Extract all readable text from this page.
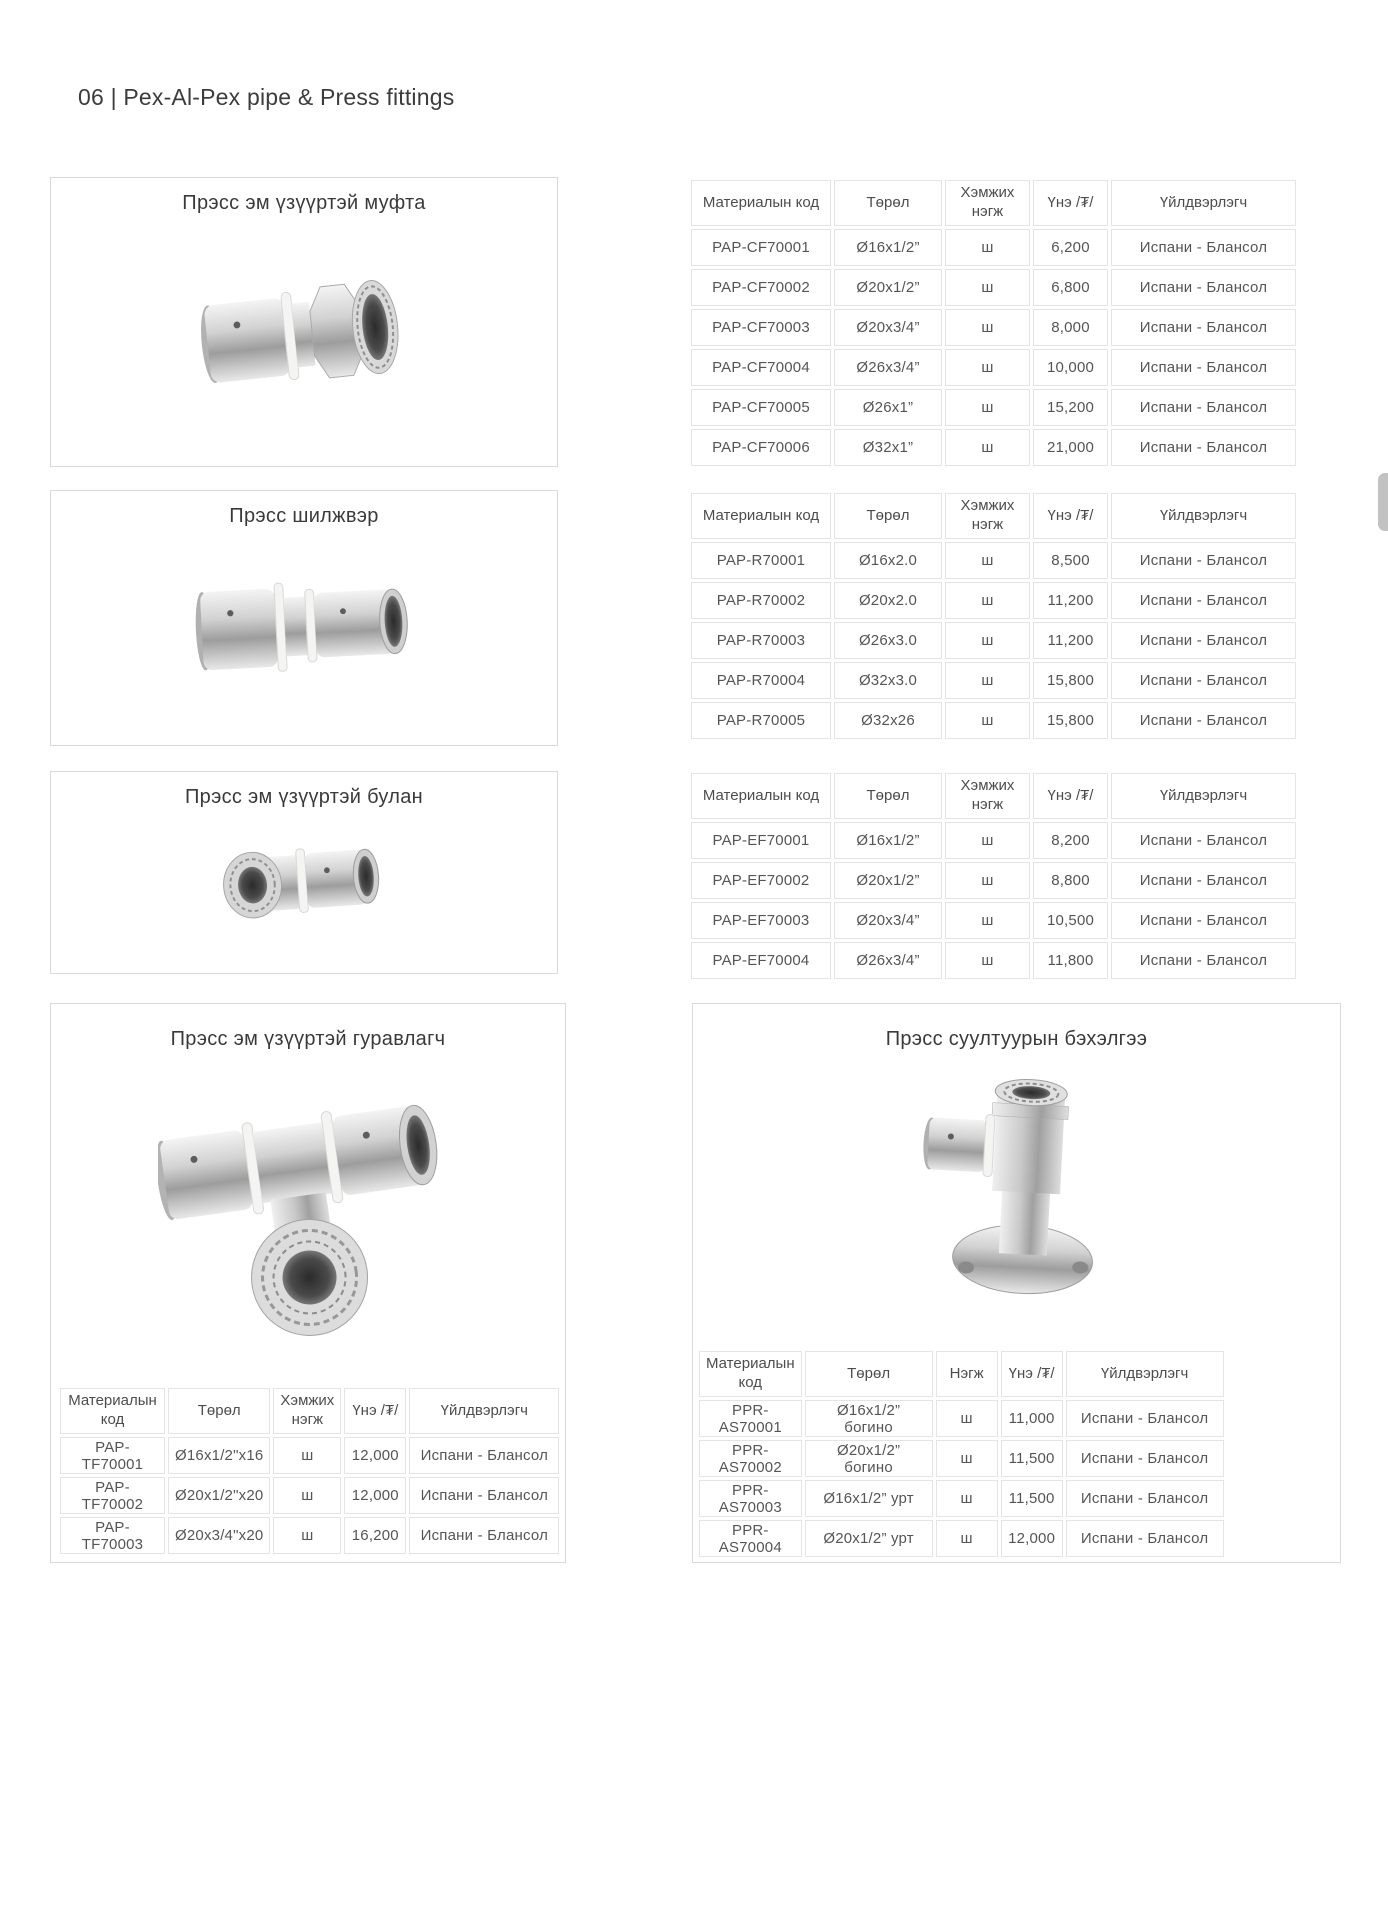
06 | Pex-Al-Pex pipe & Press fittings
Прэсс эм үзүүртэй муфта	Материалын код	Төрөл	Хэмжих нэгж	Үнэ /₮/	Үйлдвэрлэгч
PAP-CF70001	Ø16x1/2”	ш	6,200	Испани - Блансол
PAP-CF70002	Ø20x1/2”	ш	6,800	Испани - Блансол
PAP-CF70003	Ø20x3/4”	ш	8,000	Испани - Блансол
PAP-CF70004	Ø26x3/4”	ш	10,000	Испани - Блансол
PAP-CF70005	Ø26x1”	ш	15,200	Испани - Блансол
PAP-CF70006	Ø32x1”	ш	21,000	Испани - Блансол
Прэсс шилжвэр	Материалын код	Төрөл	Хэмжих нэгж	Үнэ /₮/	Үйлдвэрлэгч
PAP-R70001	Ø16x2.0	ш	8,500	Испани - Блансол
PAP-R70002	Ø20x2.0	ш	11,200	Испани - Блансол
PAP-R70003	Ø26x3.0	ш	11,200	Испани - Блансол
PAP-R70004	Ø32x3.0	ш	15,800	Испани - Блансол
PAP-R70005	Ø32x26	ш	15,800	Испани - Блансол
Прэсс эм үзүүртэй булан	Материалын код	Төрөл	Хэмжих нэгж	Үнэ /₮/	Үйлдвэрлэгч
PAP-EF70001	Ø16x1/2”	ш	8,200	Испани - Блансол
PAP-EF70002	Ø20x1/2”	ш	8,800	Испани - Блансол
PAP-EF70003	Ø20x3/4”	ш	10,500	Испани - Блансол
PAP-EF70004	Ø26x3/4”	ш	11,800	Испани - Блансол
Прэсс эм үзүүртэй гуравлагч
Материалын код	Төрөл	Хэмжих нэгж	Үнэ /₮/	Үйлдвэрлэгч
PAP-TF70001	Ø16x1/2"x16	ш	12,000	Испани - Блансол
PAP-TF70002	Ø20x1/2"x20	ш	12,000	Испани - Блансол
PAP-TF70003	Ø20x3/4"x20	ш	16,200	Испани - Блансол
Прэсс суултуурын бэхэлгээ
Материалын код	Төрөл	Нэгж	Үнэ /₮/	Үйлдвэрлэгч
PPR-AS70001	Ø16x1/2” богино	ш	11,000	Испани - Блансол
PPR-AS70002	Ø20x1/2” богино	ш	11,500	Испани - Блансол
PPR-AS70003	Ø16x1/2” урт	ш	11,500	Испани - Блансол
PPR-AS70004	Ø20x1/2” урт	ш	12,000	Испани - Блансол
